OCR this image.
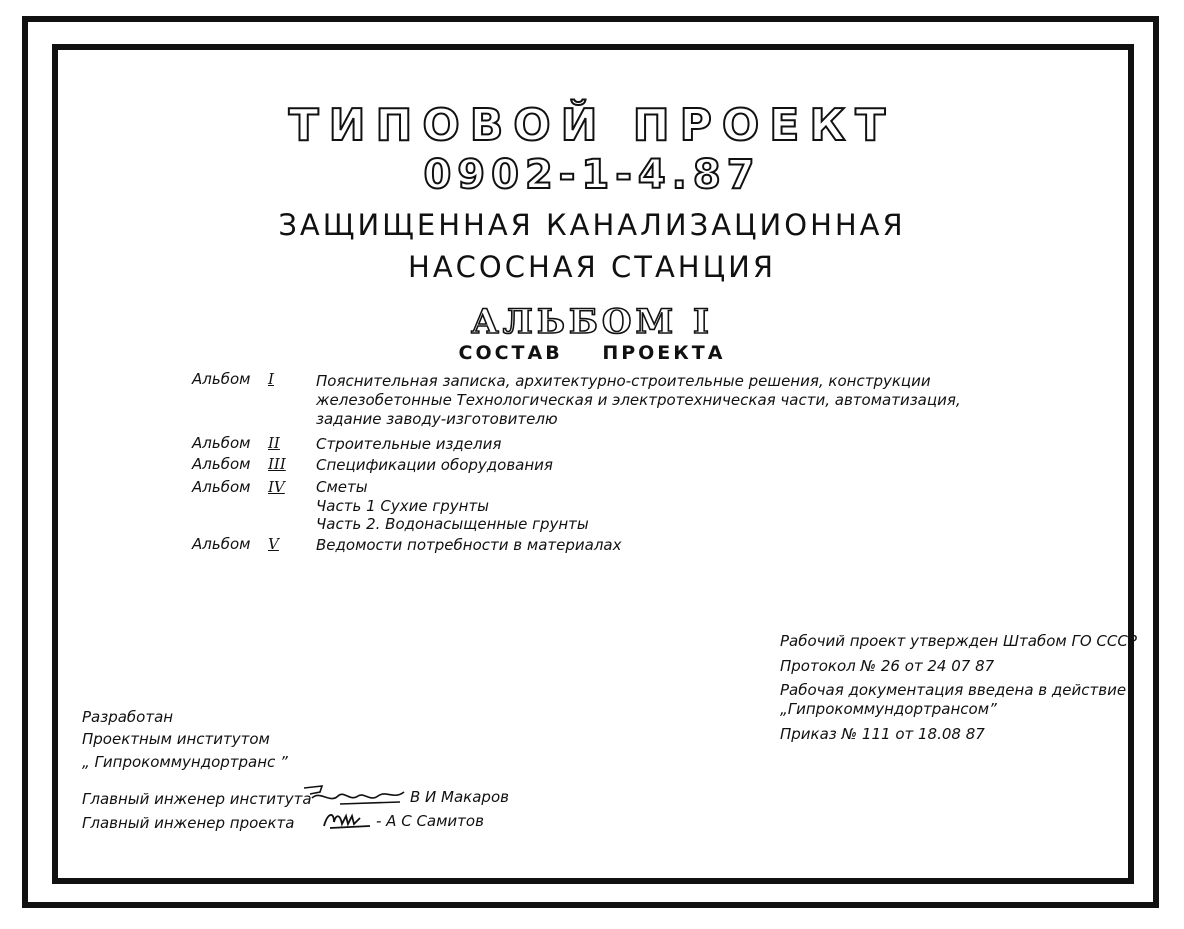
ТИПОВОЙ ПРОЕКТ
0902-1-4.87
ЗАЩИЩЕННАЯ КАНАЛИЗАЦИОННАЯ
НАСОСНАЯ СТАНЦИЯ
АЛЬБОМ I
СОСТАВ ПРОЕКТА
Альбом I	Пояснительная записка, архитектурно-строительные решения, конструкции
железобетонные Технологическая и электротехническая части, автоматизация,
задание заводу-изготовителю
Альбом II Строительные изделия
Альбом III Спецификации оборудования
Альбом IV Сметы
Часть 1 Сухие грунты
Часть 2. Водонасыщенные грунты
Альбом V Ведомости потребности в материалах
Рабочий проект утвержден Штабом ГО СССР
Протокол № 26 от 24 07 87
Рабочая документация введена в действие
„Гипрокоммундортрансом”
Приказ № 111 от 18.08 87
Разработан
Проектным институтом
„ Гипрокоммундортранс ”
Главный инженер института	В И Макаров
Главный инженер проекта	- А С Самитов
